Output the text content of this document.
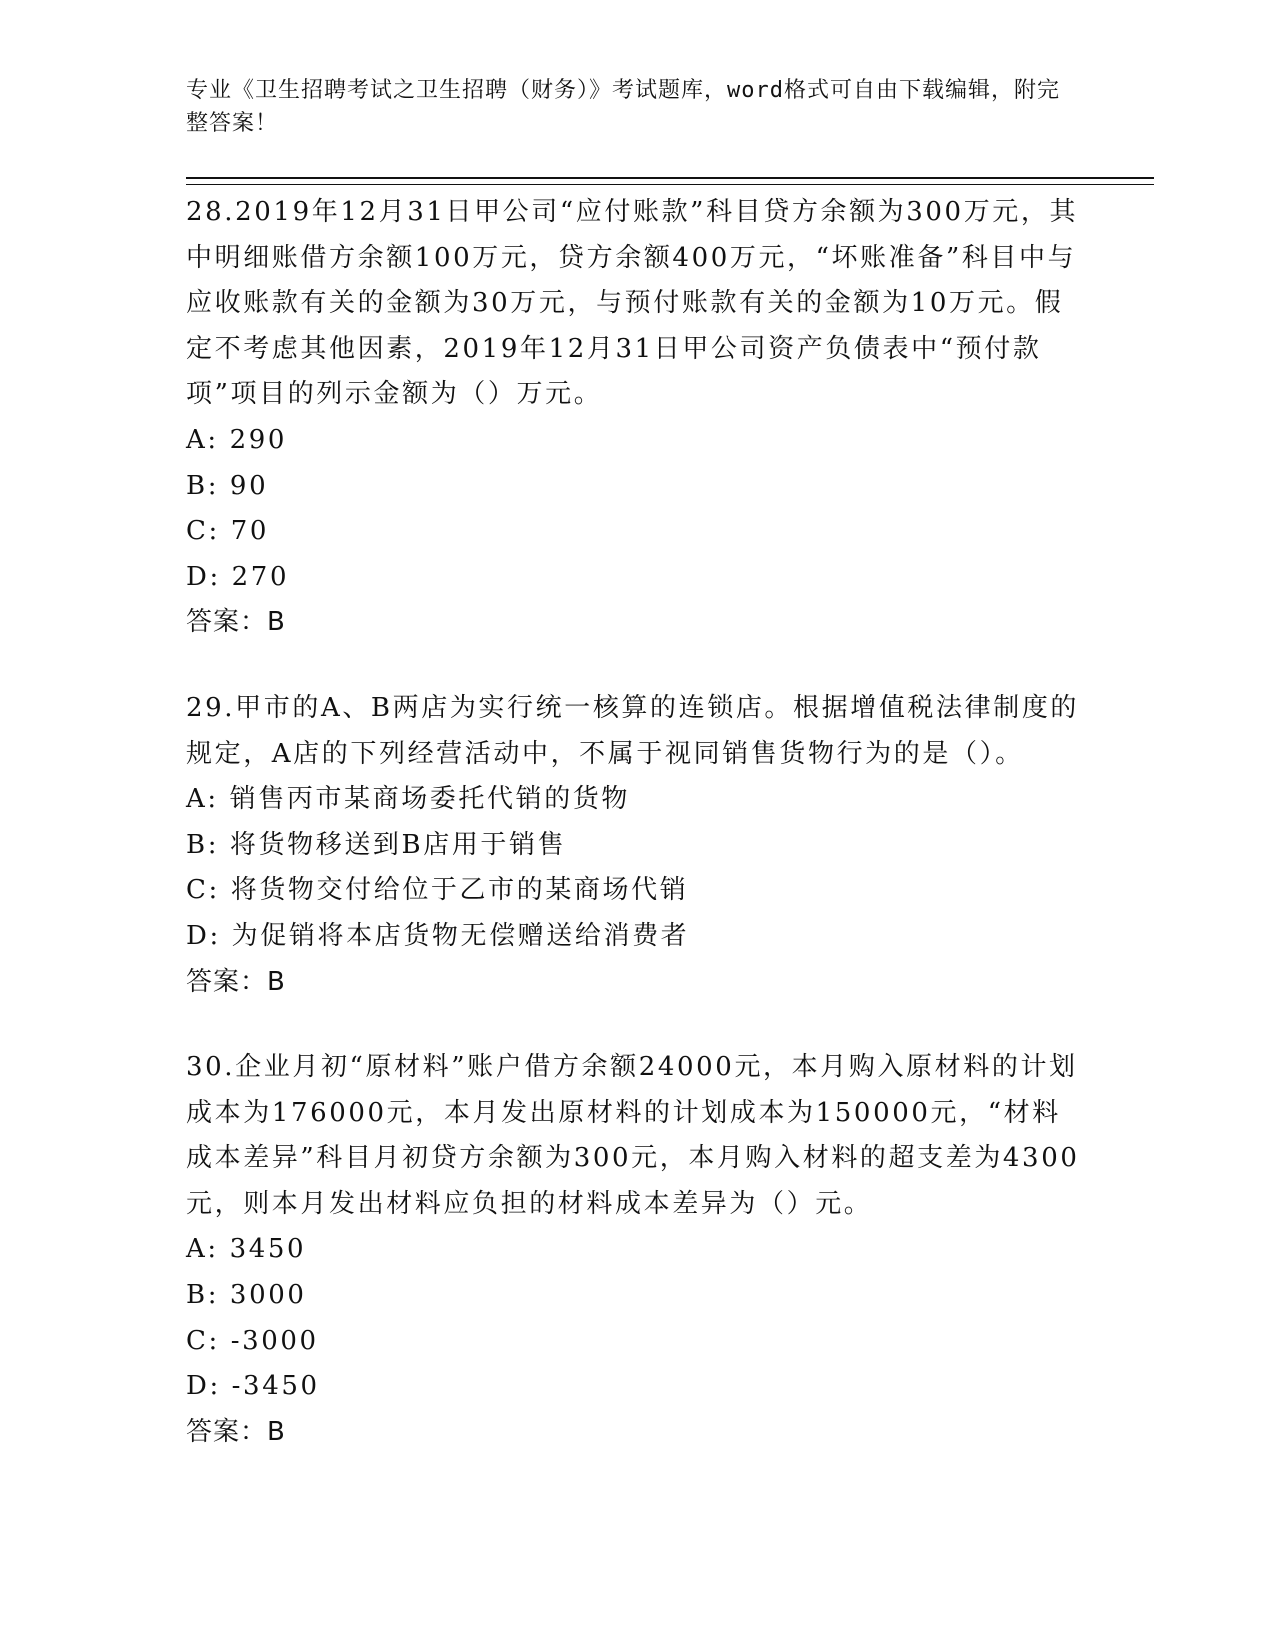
专业《卫生招聘考试之卫生招聘（财务）》考试题库，word格式可自由下载编辑，附完整答案！

28.2019年12月31日甲公司“应付账款”科目贷方余额为300万元，其中明细账借方余额100万元，贷方余额400万元，“坏账准备”科目中与应收账款有关的金额为30万元，与预付账款有关的金额为10万元。假定不考虑其他因素，2019年12月31日甲公司资产负债表中“预付款项”项目的列示金额为（）万元。

A: 290

B: 90

C: 70

D: 270

答案：B

29.甲市的A、B两店为实行统一核算的连锁店。根据增值税法律制度的规定，A店的下列经营活动中，不属于视同销售货物行为的是（）。

A: 销售丙市某商场委托代销的货物

B: 将货物移送到B店用于销售

C: 将货物交付给位于乙市的某商场代销

D: 为促销将本店货物无偿赠送给消费者

答案：B

30.企业月初“原材料”账户借方余额24000元，本月购入原材料的计划成本为176000元，本月发出原材料的计划成本为150000元，“材料成本差异”科目月初贷方余额为300元，本月购入材料的超支差为4300元，则本月发出材料应负担的材料成本差异为（）元。

A: 3450

B: 3000

C: -3000

D: -3450

答案：B
